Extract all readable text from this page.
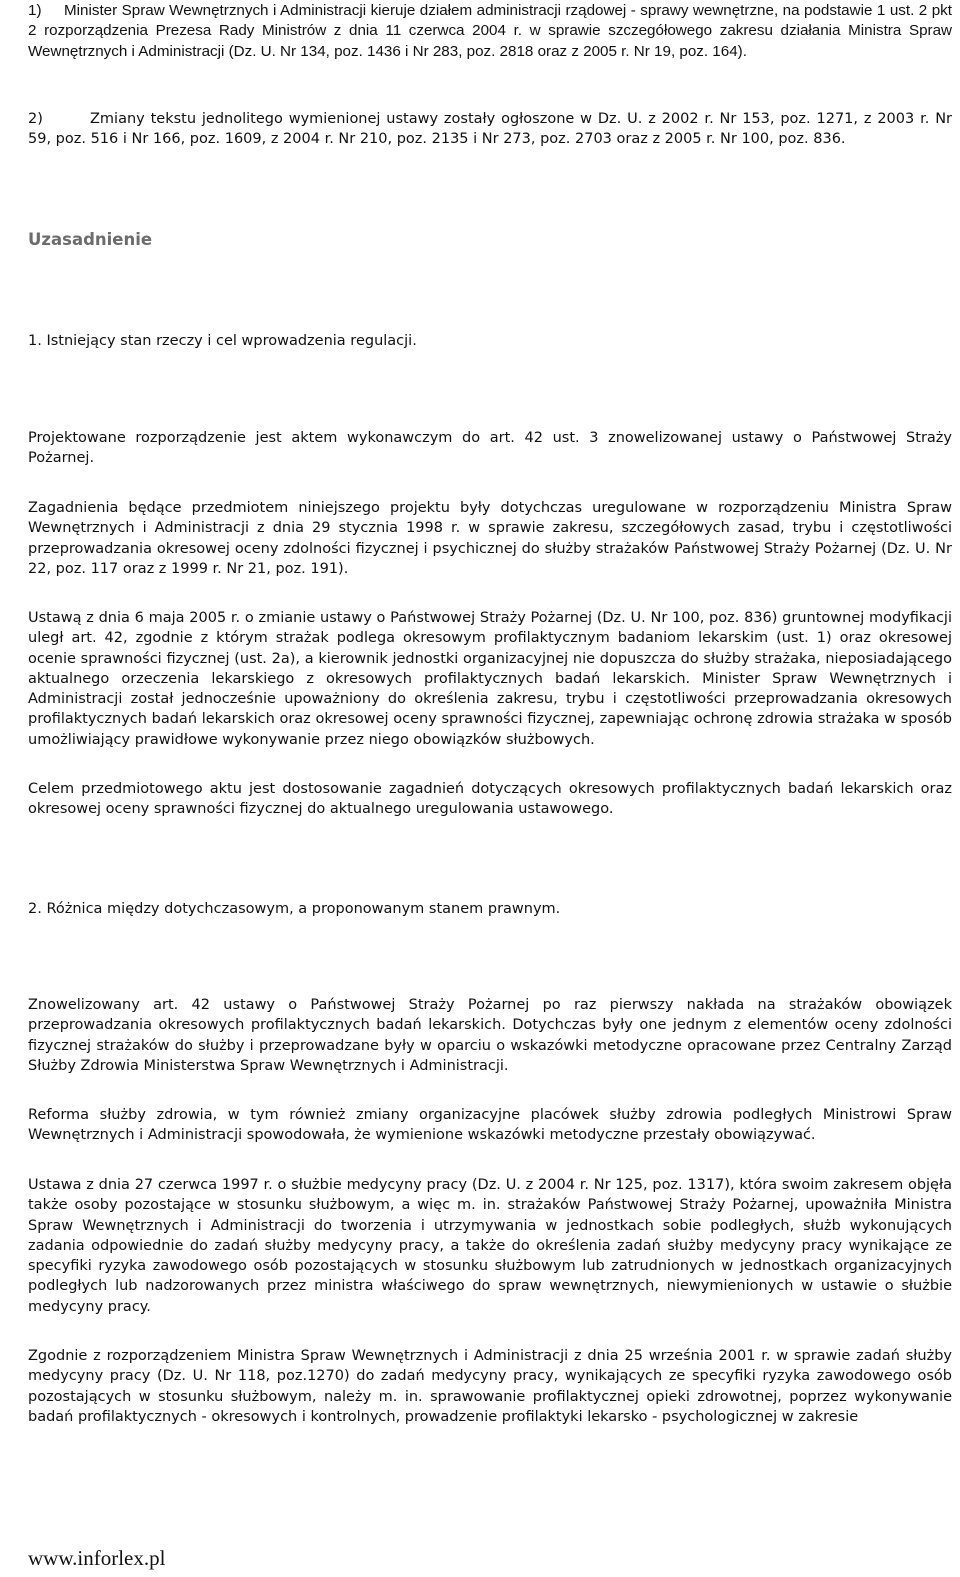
1) Minister Spraw Wewnętrznych i Administracji kieruje działem administracji rządowej - sprawy wewnętrzne, na podstawie 1 ust. 2 pkt 2 rozporządzenia Prezesa Rady Ministrów z dnia 11 czerwca 2004 r. w sprawie szczegółowego zakresu działania Ministra Spraw Wewnętrznych i Administracji (Dz. U. Nr 134, poz. 1436 i Nr 283, poz. 2818 oraz z 2005 r. Nr 19, poz. 164).

2)	Zmiany tekstu jednolitego wymienionej ustawy zostały ogłoszone w Dz. U. z 2002 r. Nr 153, poz. 1271, z 2003 r. Nr 59, poz. 516 i Nr 166, poz. 1609, z 2004 r. Nr 210, poz. 2135 i Nr 273, poz. 2703 oraz z 2005 r. Nr 100, poz. 836.

Uzasadnienie

1. Istniejący stan rzeczy i cel wprowadzenia regulacji.

Projektowane rozporządzenie jest aktem wykonawczym do art. 42 ust. 3 znowelizowanej ustawy o Państwowej Straży Pożarnej.

Zagadnienia będące przedmiotem niniejszego projektu były dotychczas uregulowane w rozporządzeniu Ministra Spraw Wewnętrznych i Administracji z dnia 29 stycznia 1998 r. w sprawie zakresu, szczegółowych zasad, trybu i częstotliwości przeprowadzania okresowej oceny zdolności fizycznej i psychicznej do służby strażaków Państwowej Straży Pożarnej (Dz. U. Nr 22, poz. 117 oraz z 1999 r. Nr 21, poz. 191).

Ustawą z dnia 6 maja 2005 r. o zmianie ustawy o Państwowej Straży Pożarnej (Dz. U. Nr 100, poz. 836) gruntownej modyfikacji uległ art. 42, zgodnie z którym strażak podlega okresowym profilaktycznym badaniom lekarskim (ust. 1) oraz okresowej ocenie sprawności fizycznej (ust. 2a), a kierownik jednostki organizacyjnej nie dopuszcza do służby strażaka, nieposiadającego aktualnego orzeczenia lekarskiego z okresowych profilaktycznych badań lekarskich. Minister Spraw Wewnętrznych i Administracji został jednocześnie upoważniony do określenia zakresu, trybu i częstotliwości przeprowadzania okresowych profilaktycznych badań lekarskich oraz okresowej oceny sprawności fizycznej, zapewniając ochronę zdrowia strażaka w sposób umożliwiający prawidłowe wykonywanie przez niego obowiązków służbowych.

Celem przedmiotowego aktu jest dostosowanie zagadnień dotyczących okresowych profilaktycznych badań lekarskich oraz okresowej oceny sprawności fizycznej do aktualnego uregulowania ustawowego.

2. Różnica między dotychczasowym, a proponowanym stanem prawnym.

Znowelizowany art. 42 ustawy o Państwowej Straży Pożarnej po raz pierwszy nakłada na strażaków obowiązek przeprowadzania okresowych profilaktycznych badań lekarskich. Dotychczas były one jednym z elementów oceny zdolności fizycznej strażaków do służby i przeprowadzane były w oparciu o wskazówki metodyczne opracowane przez Centralny Zarząd Służby Zdrowia Ministerstwa Spraw Wewnętrznych i Administracji.

Reforma służby zdrowia, w tym również zmiany organizacyjne placówek służby zdrowia podległych Ministrowi Spraw Wewnętrznych i Administracji spowodowała, że wymienione wskazówki metodyczne przestały obowiązywać.

Ustawa z dnia 27 czerwca 1997 r. o służbie medycyny pracy (Dz. U. z 2004 r. Nr 125, poz. 1317), która swoim zakresem objęła także osoby pozostające w stosunku służbowym, a więc m. in. strażaków Państwowej Straży Pożarnej, upoważniła Ministra Spraw Wewnętrznych i Administracji do tworzenia i utrzymywania w jednostkach sobie podległych, służb wykonujących zadania odpowiednie do zadań służby medycyny pracy, a także do określenia zadań służby medycyny pracy wynikające ze specyfiki ryzyka zawodowego osób pozostających w stosunku służbowym lub zatrudnionych w jednostkach organizacyjnych podległych lub nadzorowanych przez ministra właściwego do spraw wewnętrznych, niewymienionych w ustawie o służbie medycyny pracy.

Zgodnie z rozporządzeniem Ministra Spraw Wewnętrznych i Administracji z dnia 25 września 2001 r. w sprawie zadań służby medycyny pracy (Dz. U. Nr 118, poz.1270) do zadań medycyny pracy, wynikających ze specyfiki ryzyka zawodowego osób pozostających w stosunku służbowym, należy m. in. sprawowanie profilaktycznej opieki zdrowotnej, poprzez wykonywanie badań profilaktycznych - okresowych i kontrolnych, prowadzenie profilaktyki lekarsko - psychologicznej w zakresie

www.inforlex.pl
